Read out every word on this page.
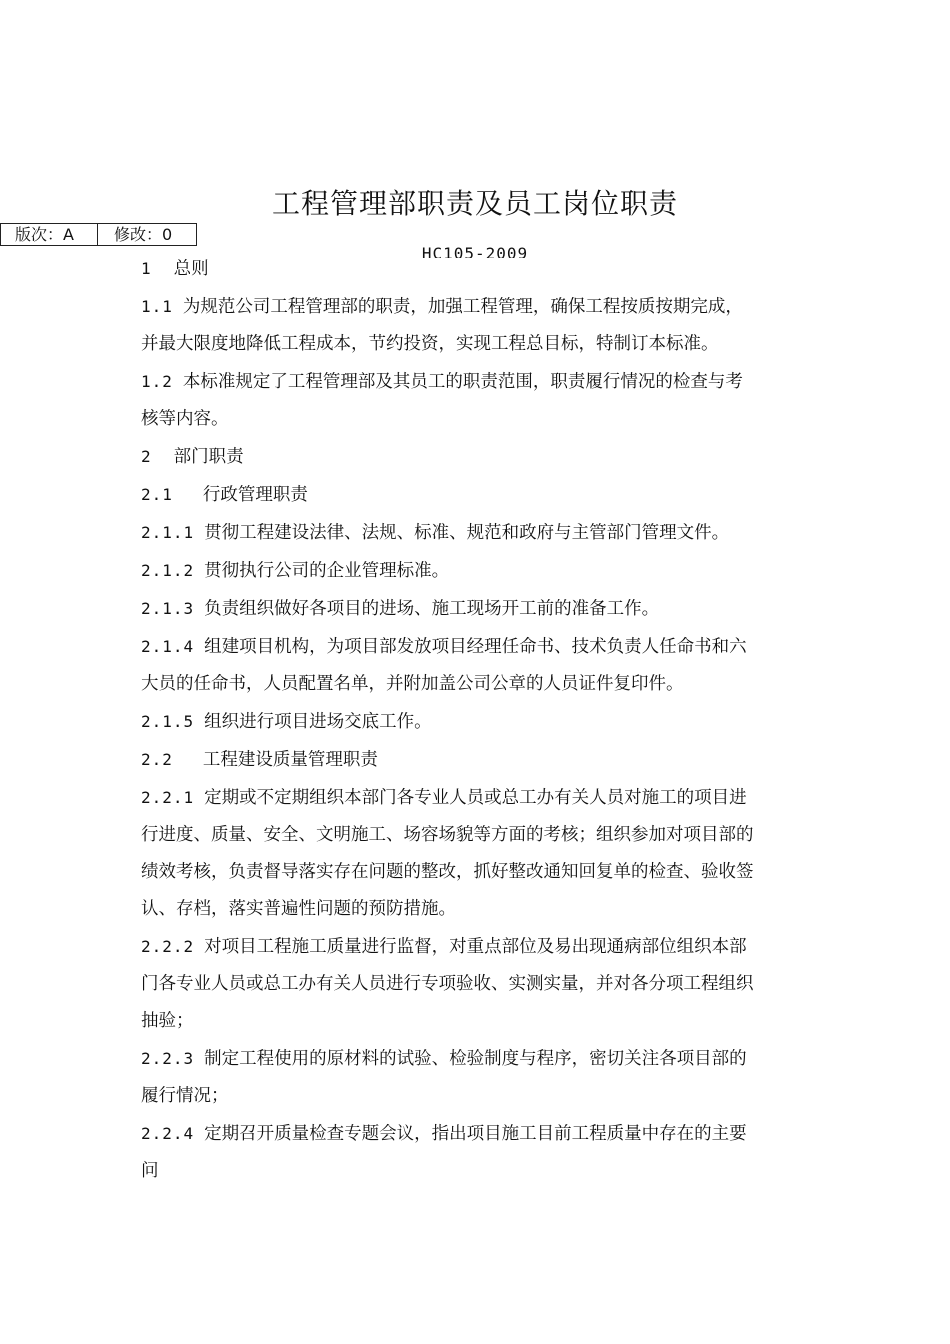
工程管理部职责及员工岗位职责
版次：A	修改：0
HC105-2009
1 总则
1.1 为规范公司工程管理部的职责，加强工程管理，确保工程按质按期完成，
并最大限度地降低工程成本，节约投资，实现工程总目标，特制订本标准。
1.2 本标准规定了工程管理部及其员工的职责范围，职责履行情况的检查与考
核等内容。
2 部门职责
2.1 行政管理职责
2.1.1 贯彻工程建设法律、法规、标准、规范和政府与主管部门管理文件。
2.1.2 贯彻执行公司的企业管理标准。
2.1.3 负责组织做好各项目的进场、施工现场开工前的准备工作。
2.1.4 组建项目机构，为项目部发放项目经理任命书、技术负责人任命书和六
大员的任命书，人员配置名单，并附加盖公司公章的人员证件复印件。
2.1.5 组织进行项目进场交底工作。
2.2 工程建设质量管理职责
2.2.1 定期或不定期组织本部门各专业人员或总工办有关人员对施工的项目进
行进度、质量、安全、文明施工、场容场貌等方面的考核；组织参加对项目部的
绩效考核，负责督导落实存在问题的整改，抓好整改通知回复单的检查、验收签
认、存档，落实普遍性问题的预防措施。
2.2.2 对项目工程施工质量进行监督，对重点部位及易出现通病部位组织本部
门各专业人员或总工办有关人员进行专项验收、实测实量，并对各分项工程组织
抽验；
2.2.3 制定工程使用的原材料的试验、检验制度与程序，密切关注各项目部的
履行情况；
2.2.4 定期召开质量检查专题会议，指出项目施工目前工程质量中存在的主要
问
